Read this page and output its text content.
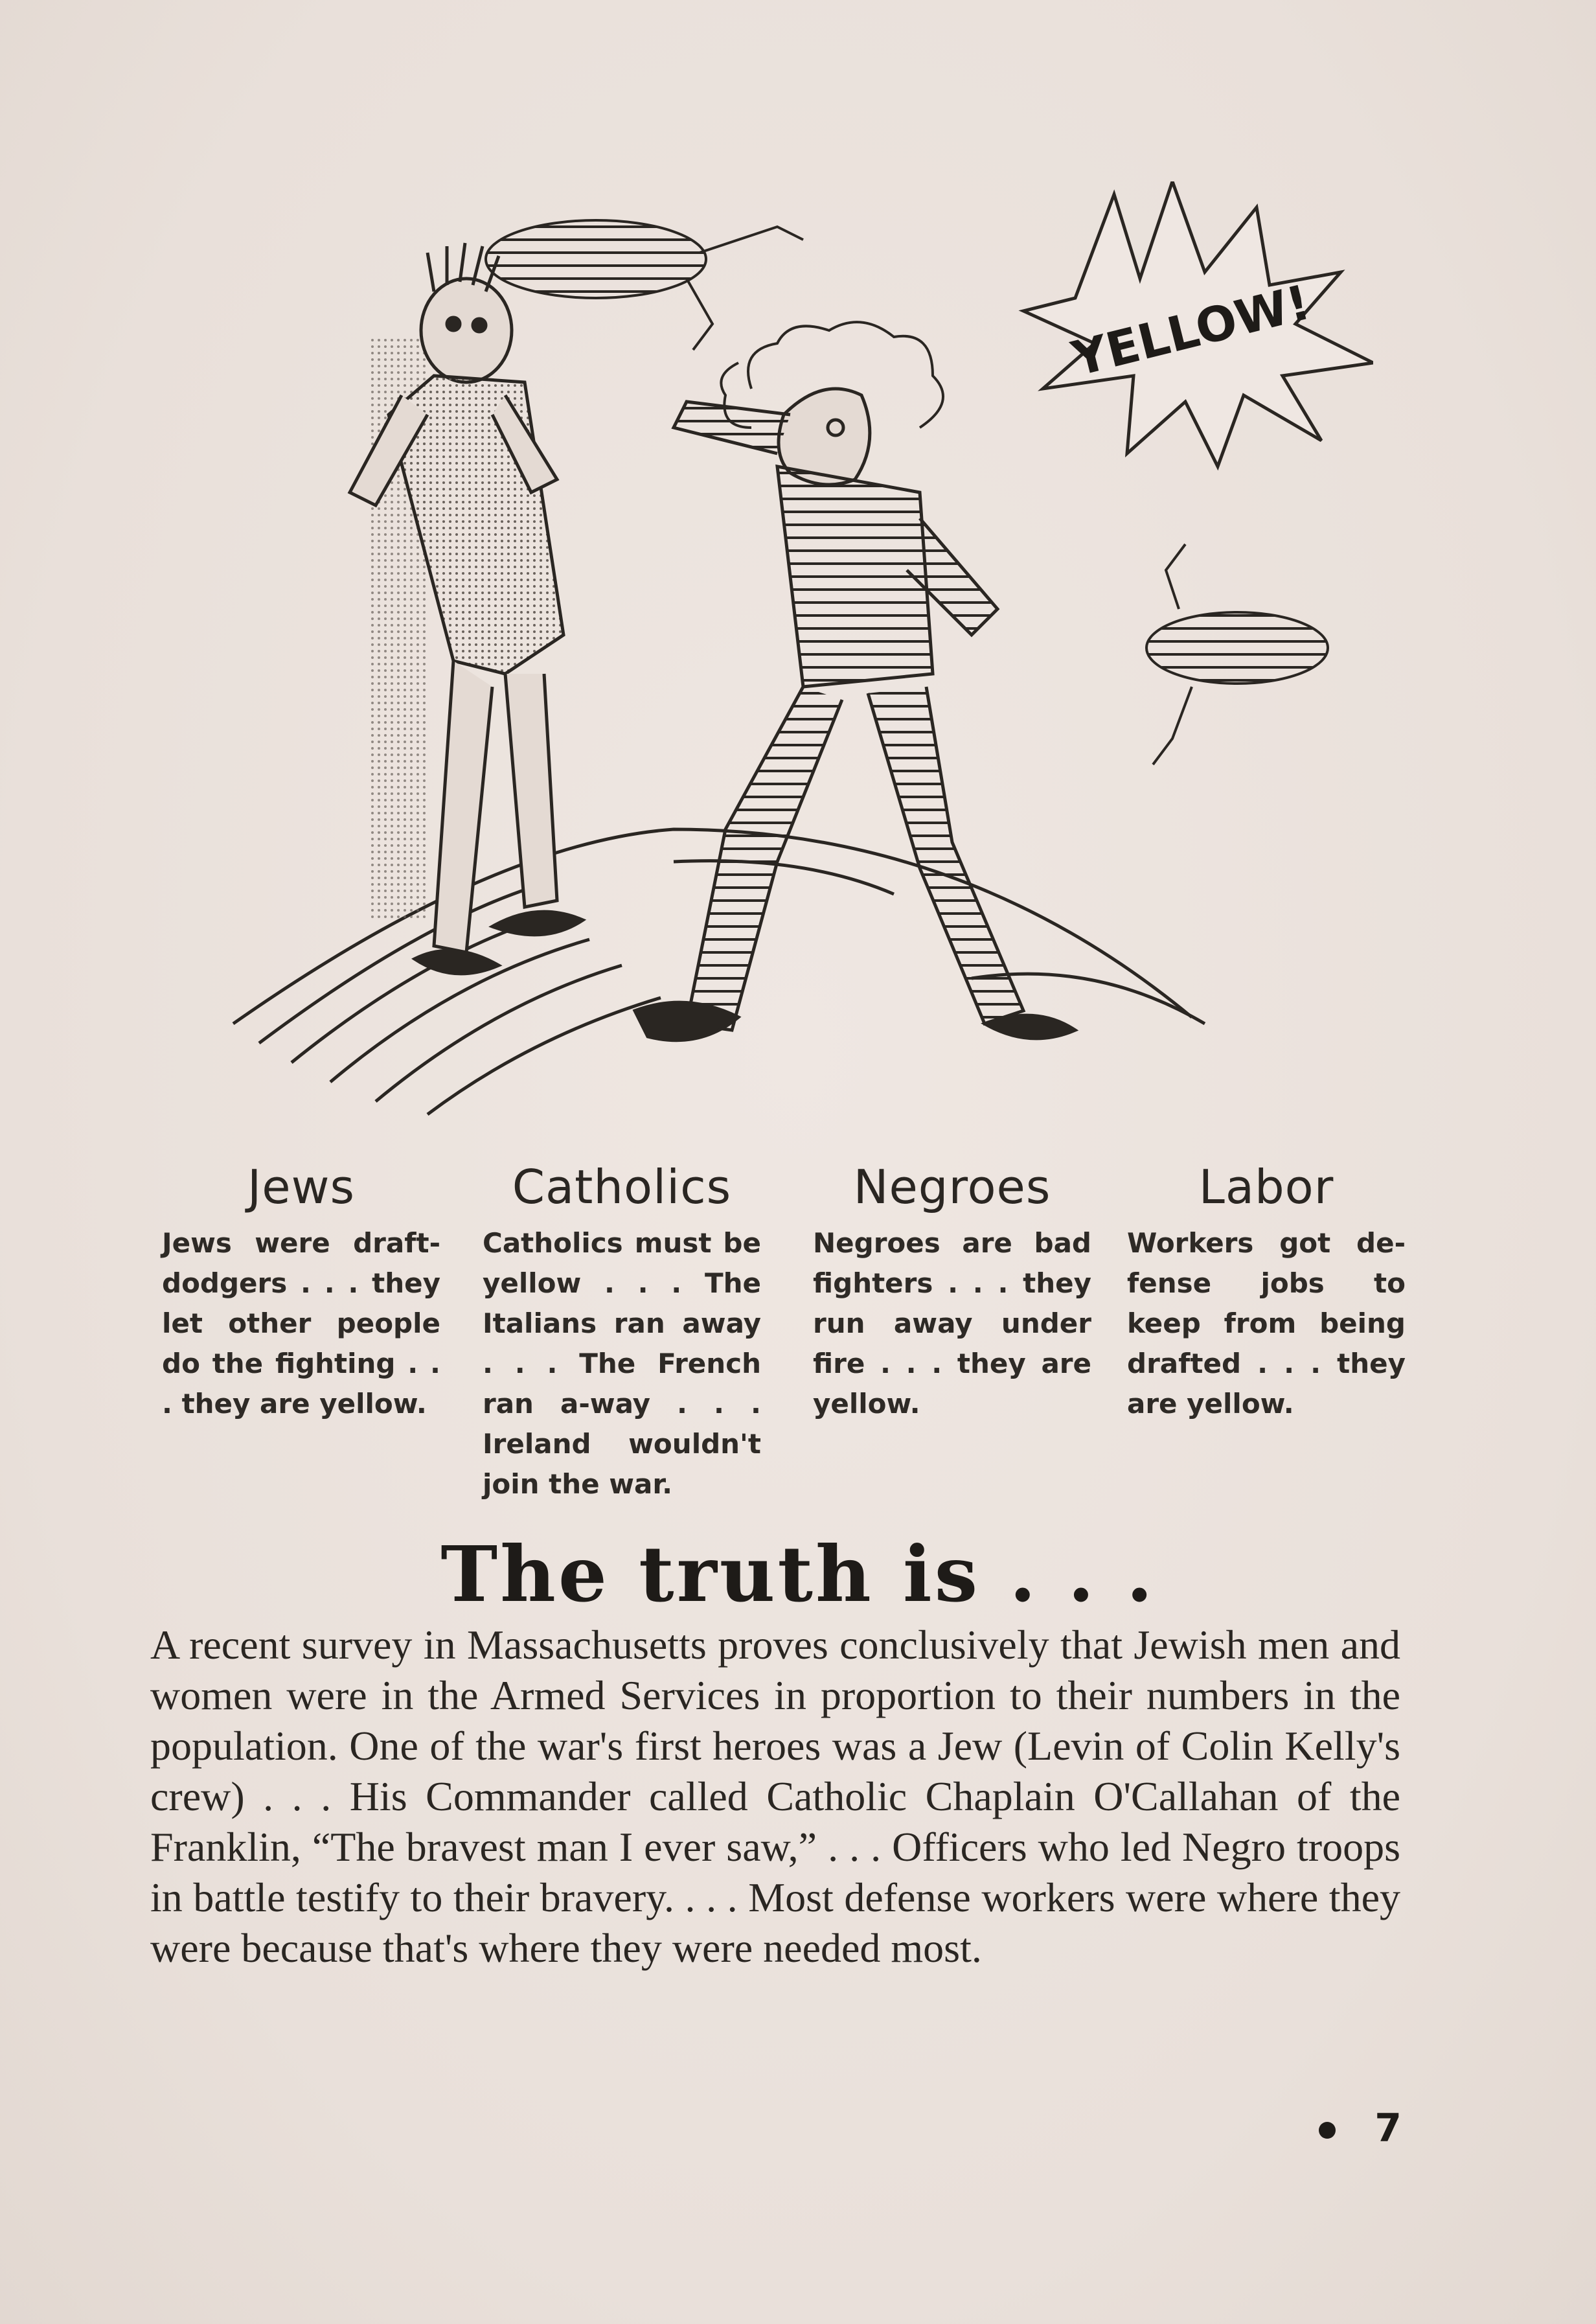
YELLOW!
Jews

Jews were draft-dodgers . . . they let other people do the fighting . . . they are yellow.

Catholics

Catholics must be yellow . . . The Italians ran away . . . The French ran a-way . . . Ireland wouldn't join the war.

Negroes

Negroes are bad fighters . . . they run away under fire . . . they are yellow.

Labor

Workers got de-fense jobs to keep from being drafted . . . they are yellow.

The truth is . . .

A recent survey in Massachusetts proves conclusively that Jewish men and women were in the Armed Services in proportion to their numbers in the population. One of the war's first heroes was a Jew (Levin of Colin Kelly's crew) . . . His Commander called Catholic Chaplain O'Callahan of the Franklin, “The bravest man I ever saw,” . . . Officers who led Negro troops in battle testify to their bravery. . . . Most defense workers were where they were because that's where they were needed most.

7
